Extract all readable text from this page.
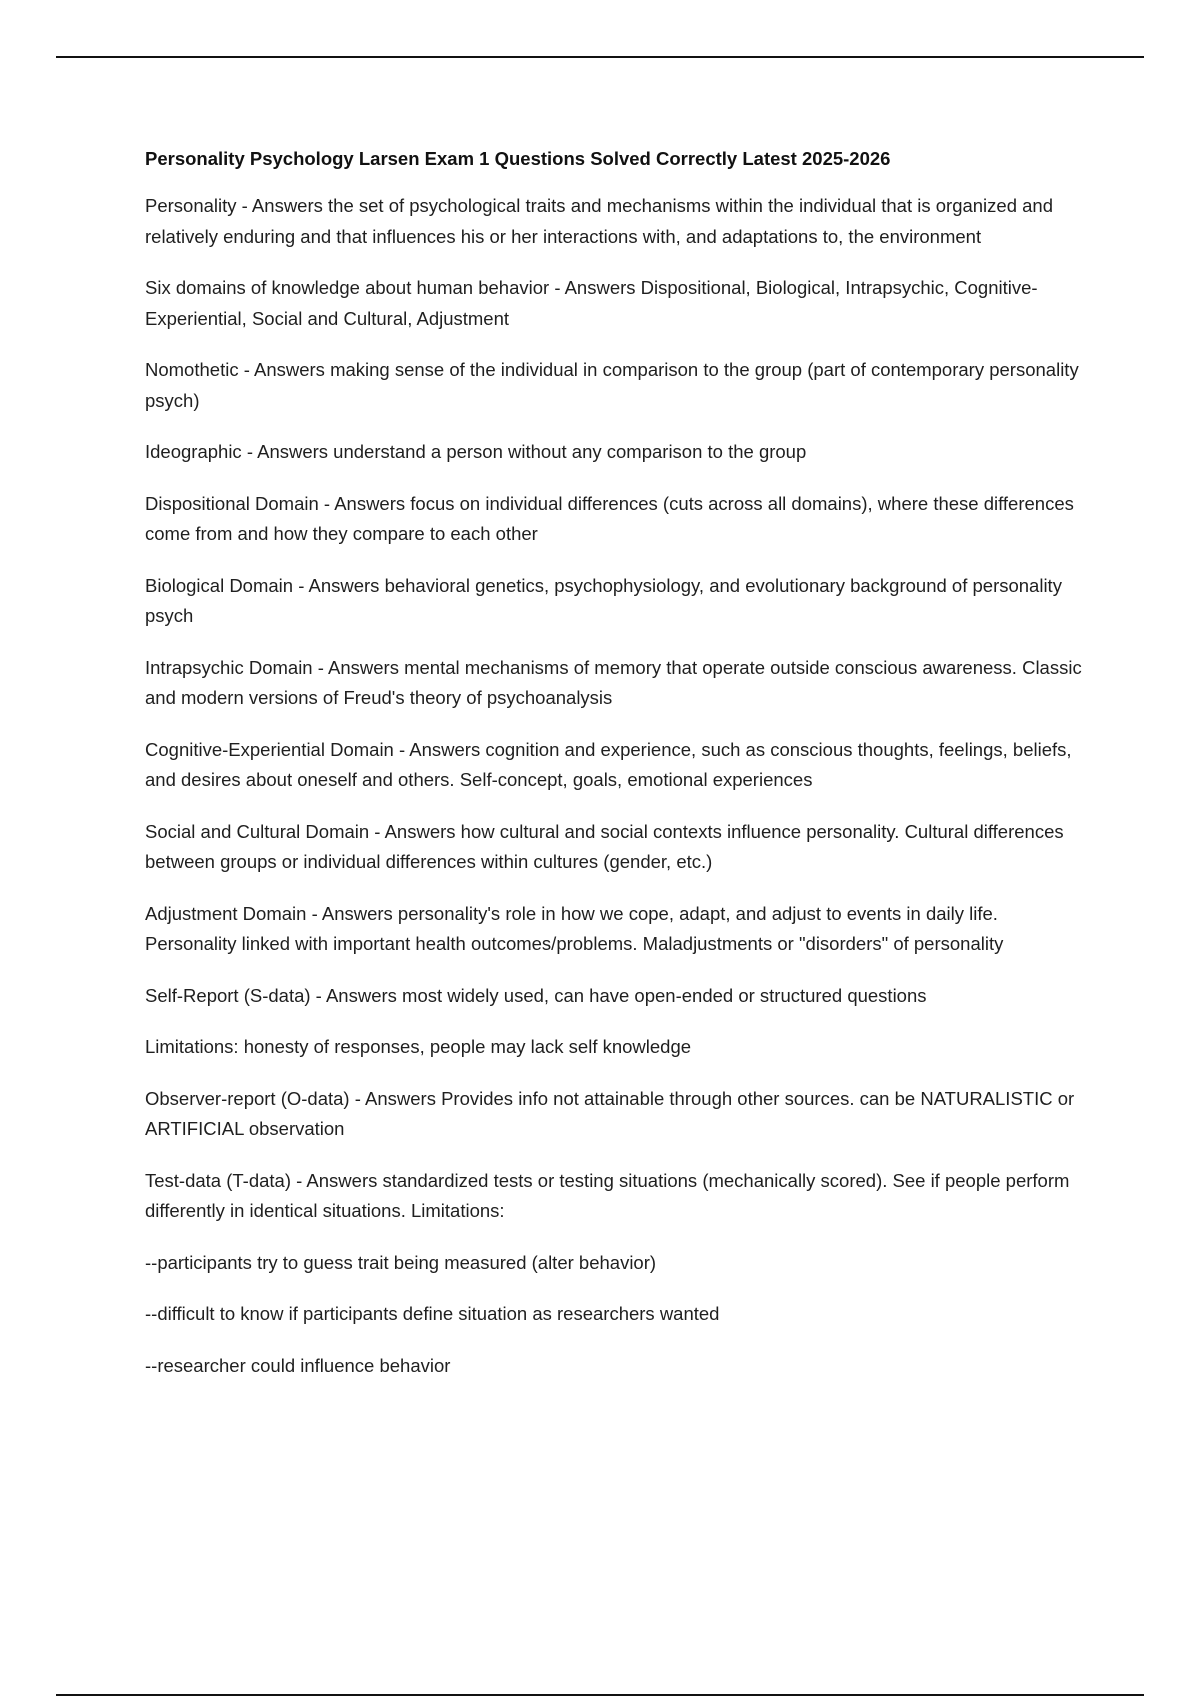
Personality Psychology Larsen Exam 1 Questions Solved Correctly Latest 2025-2026

Personality - Answers the set of psychological traits and mechanisms within the individual that is organized and relatively enduring and that influences his or her interactions with, and adaptations to, the environment

Six domains of knowledge about human behavior - Answers Dispositional, Biological, Intrapsychic, Cognitive-Experiential, Social and Cultural, Adjustment

Nomothetic - Answers making sense of the individual in comparison to the group (part of contemporary personality psych)

Ideographic - Answers understand a person without any comparison to the group

Dispositional Domain - Answers focus on individual differences (cuts across all domains), where these differences come from and how they compare to each other

Biological Domain - Answers behavioral genetics, psychophysiology, and evolutionary background of personality psych

Intrapsychic Domain - Answers mental mechanisms of memory that operate outside conscious awareness. Classic and modern versions of Freud's theory of psychoanalysis

Cognitive-Experiential Domain - Answers cognition and experience, such as conscious thoughts, feelings, beliefs, and desires about oneself and others. Self-concept, goals, emotional experiences

Social and Cultural Domain - Answers how cultural and social contexts influence personality. Cultural differences between groups or individual differences within cultures (gender, etc.)

Adjustment Domain - Answers personality's role in how we cope, adapt, and adjust to events in daily life. Personality linked with important health outcomes/problems. Maladjustments or "disorders" of personality

Self-Report (S-data) - Answers most widely used, can have open-ended or structured questions

Limitations: honesty of responses, people may lack self knowledge

Observer-report (O-data) - Answers Provides info not attainable through other sources. can be NATURALISTIC or ARTIFICIAL observation

Test-data (T-data) - Answers standardized tests or testing situations (mechanically scored). See if people perform differently in identical situations. Limitations:

--participants try to guess trait being measured (alter behavior)

--difficult to know if participants define situation as researchers wanted

--researcher could influence behavior
